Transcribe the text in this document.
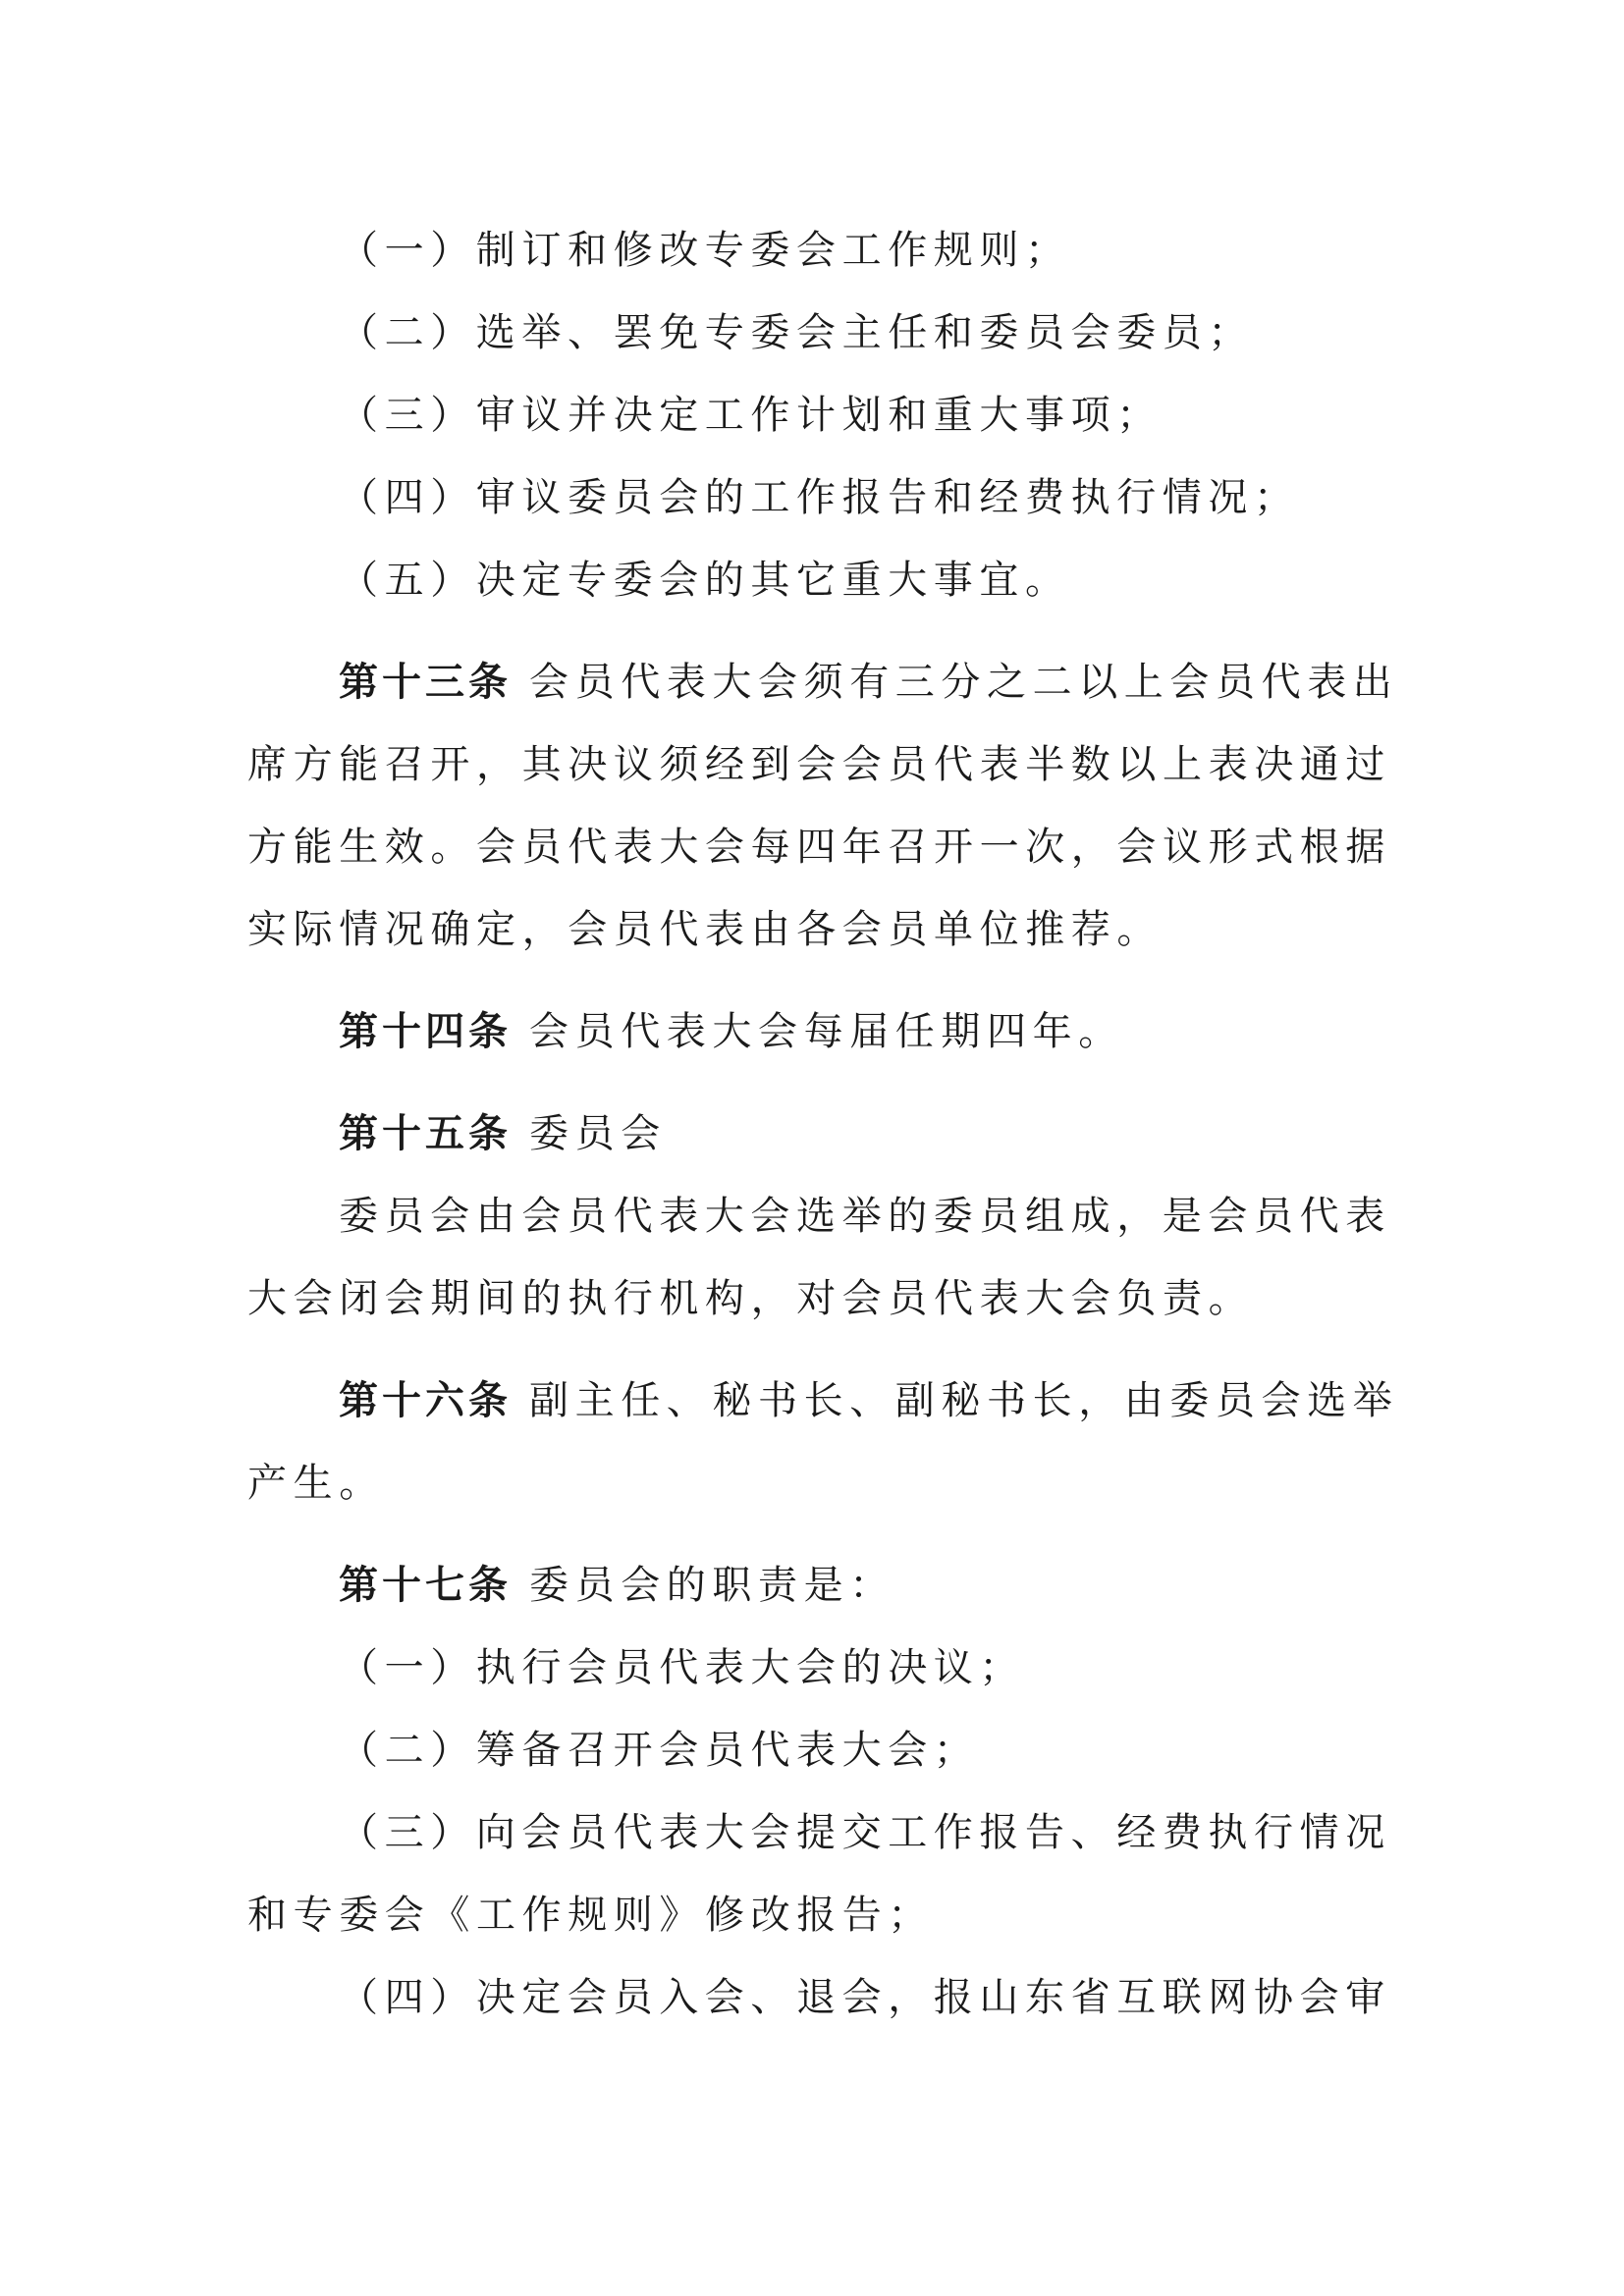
（一）制订和修改专委会工作规则；
（二）选举、罢免专委会主任和委员会委员；
（三）审议并决定工作计划和重大事项；
（四）审议委员会的工作报告和经费执行情况；
（五）决定专委会的其它重大事宜。
第十三条 会员代表大会须有三分之二以上会员代表出
席方能召开，其决议须经到会会员代表半数以上表决通过
方能生效。会员代表大会每四年召开一次，会议形式根据
实际情况确定，会员代表由各会员单位推荐。
第十四条 会员代表大会每届任期四年。
第十五条 委员会
委员会由会员代表大会选举的委员组成，是会员代表
大会闭会期间的执行机构，对会员代表大会负责。
第十六条 副主任、秘书长、副秘书长，由委员会选举
产生。
第十七条 委员会的职责是：
（一）执行会员代表大会的决议；
（二）筹备召开会员代表大会；
（三）向会员代表大会提交工作报告、经费执行情况
和专委会《工作规则》修改报告；
（四）决定会员入会、退会，报山东省互联网协会审
